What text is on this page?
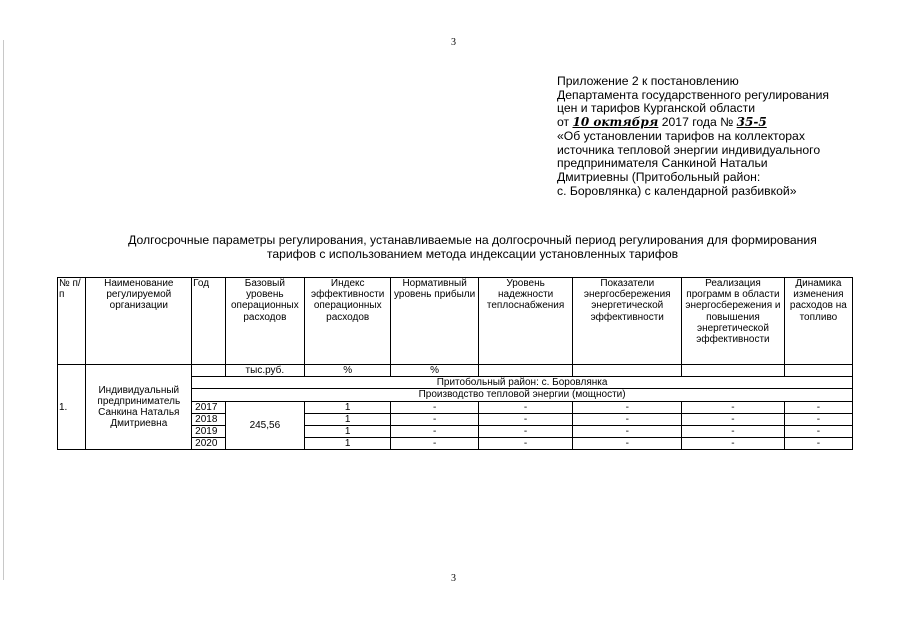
3
Приложение 2 к постановлению
Департамента государственного регулирования
цен и тарифов Курганской области
от 10 октября 2017 года № 35-5
«Об установлении тарифов на коллекторах
источника тепловой энергии индивидуального
предпринимателя Санкиной Натальи
Дмитриевны (Притобольный район:
с. Боровлянка) с календарной разбивкой»
Долгосрочные параметры регулирования, устанавливаемые на долгосрочный период регулирования для формирования
тарифов с использованием метода индексации установленных тарифов
№ п/п	Наименование регулируемой организации	Год	Базовый уровень операционных расходов	Индекс эффективности операционных расходов	Нормативный уровень прибыли	Уровень надежности теплоснабжения	Показатели энергосбережения энергетической эффективности	Реализация программ в области энергосбережения и повышения энергетической эффективности	Динамика изменения расходов на топливо
1.	Индивидуальный предприниматель Санкина Наталья Дмитриевна		тыс.руб.	%	%				
		Притобольный район: с. Боровлянка							
		Производство тепловой энергии (мощности)							
		2017	245,56	1	-	-	-	-	-
		2018		1	-	-	-	-	-
		2019		1	-	-	-	-	-
		2020		1	-	-	-	-	-
3
